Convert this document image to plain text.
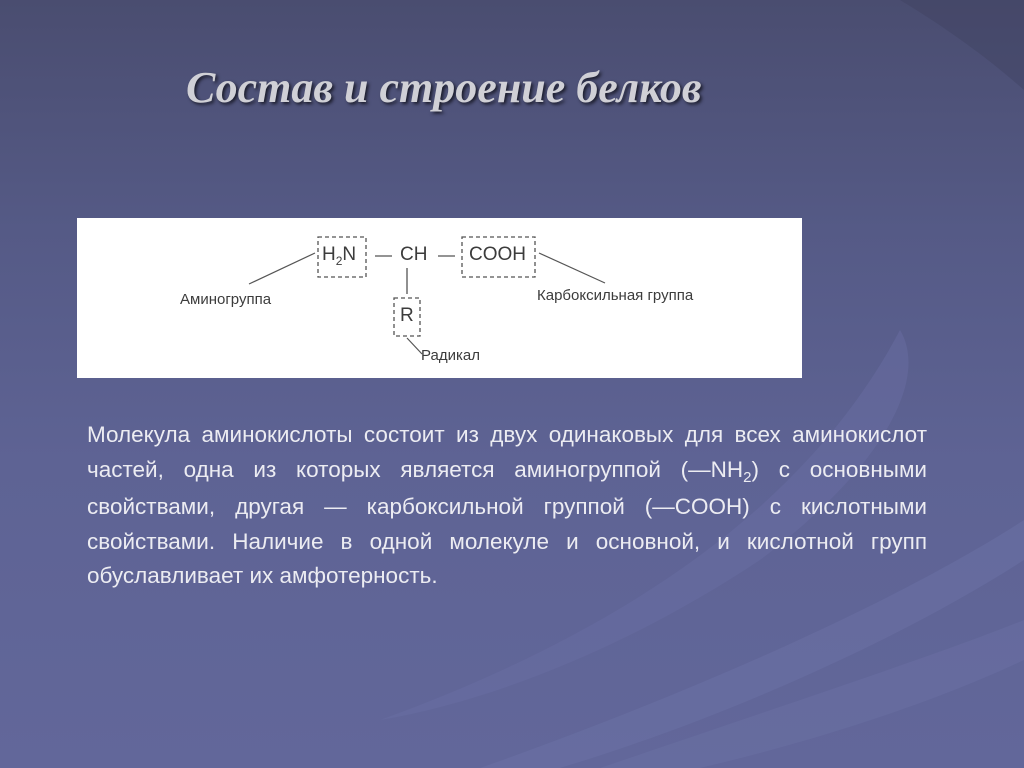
Состав и строение белков
$H_2N$ CH COOH
R
Аминогруппа	Карбоксильная группа
Радикал

Молекула аминокислоты состоит из двух одинаковых для всех аминокислот частей, одна из которых является аминогруппой $(—NH_2)$ с основными свойствами, другая — карбоксильной группой (—COOH) с кислотными свойствами. Наличие в одной молекуле и основной, и кислотной групп обуславливает их амфотерность.
